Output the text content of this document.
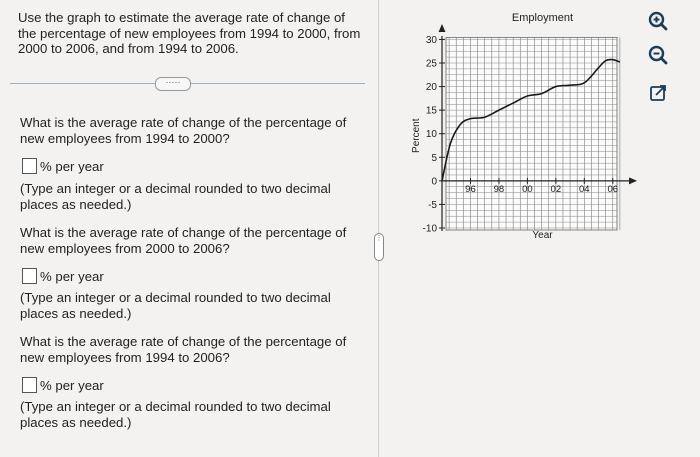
Use the graph to estimate the average rate of change of the percentage of new employees from 1994 to 2000, from 2000 to 2006, and from 1994 to 2006.
·····
What is the average rate of change of the percentage of new employees from 1994 to 2000?
% per year
(Type an integer or a decimal rounded to two decimal places as needed.)
What is the average rate of change of the percentage of new employees from 2000 to 2006?
% per year
(Type an integer or a decimal rounded to two decimal places as needed.)
What is the average rate of change of the percentage of new employees from 1994 to 2006?
% per year
(Type an integer or a decimal rounded to two decimal places as needed.)
⋮
30
25
20
15
10
5
0
-5
-10
96 98 00 02 04 06
Employment
Year
Percent
